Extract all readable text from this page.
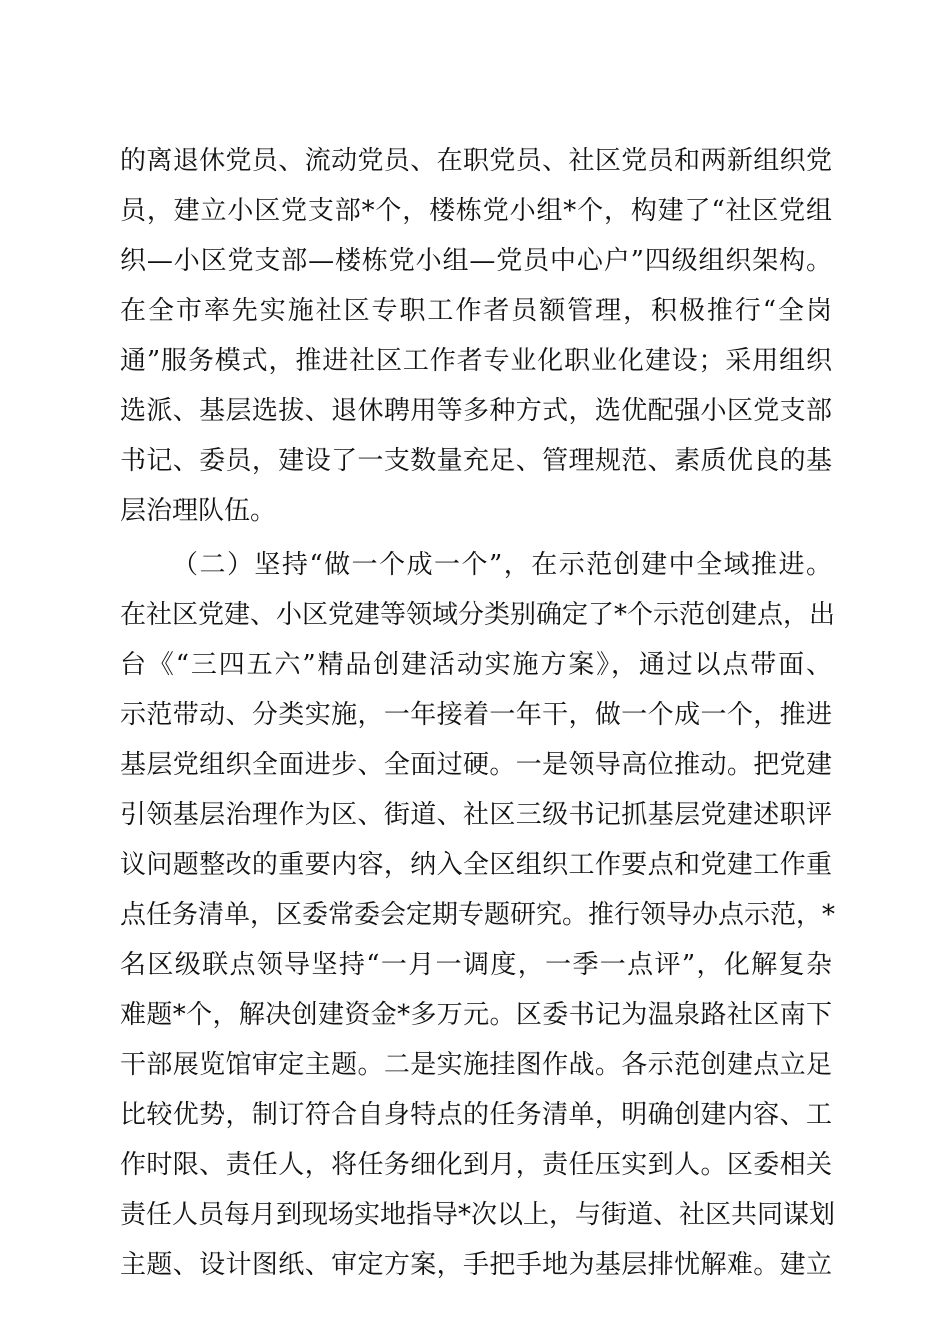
的离退休党员、流动党员、在职党员、社区党员和两新组织党
员，建立小区党支部*个，楼栋党小组*个，构建了“社区党组
织—小区党支部—楼栋党小组—党员中心户”四级组织架构。
在全市率先实施社区专职工作者员额管理，积极推行“全岗
通”服务模式，推进社区工作者专业化职业化建设；采用组织
选派、基层选拔、退休聘用等多种方式，选优配强小区党支部
书记、委员，建设了一支数量充足、管理规范、素质优良的基
层治理队伍。
（二）坚持“做一个成一个”，在示范创建中全域推进。
在社区党建、小区党建等领域分类别确定了*个示范创建点，出
台《“三四五六”精品创建活动实施方案》，通过以点带面、
示范带动、分类实施，一年接着一年干，做一个成一个，推进
基层党组织全面进步、全面过硬。一是领导高位推动。把党建
引领基层治理作为区、街道、社区三级书记抓基层党建述职评
议问题整改的重要内容，纳入全区组织工作要点和党建工作重
点任务清单，区委常委会定期专题研究。推行领导办点示范，*
名区级联点领导坚持“一月一调度，一季一点评”，化解复杂
难题*个，解决创建资金*多万元。区委书记为温泉路社区南下
干部展览馆审定主题。二是实施挂图作战。各示范创建点立足
比较优势，制订符合自身特点的任务清单，明确创建内容、工
作时限、责任人，将任务细化到月，责任压实到人。区委相关
责任人员每月到现场实地指导*次以上，与街道、社区共同谋划
主题、设计图纸、审定方案，手把手地为基层排忧解难。建立
